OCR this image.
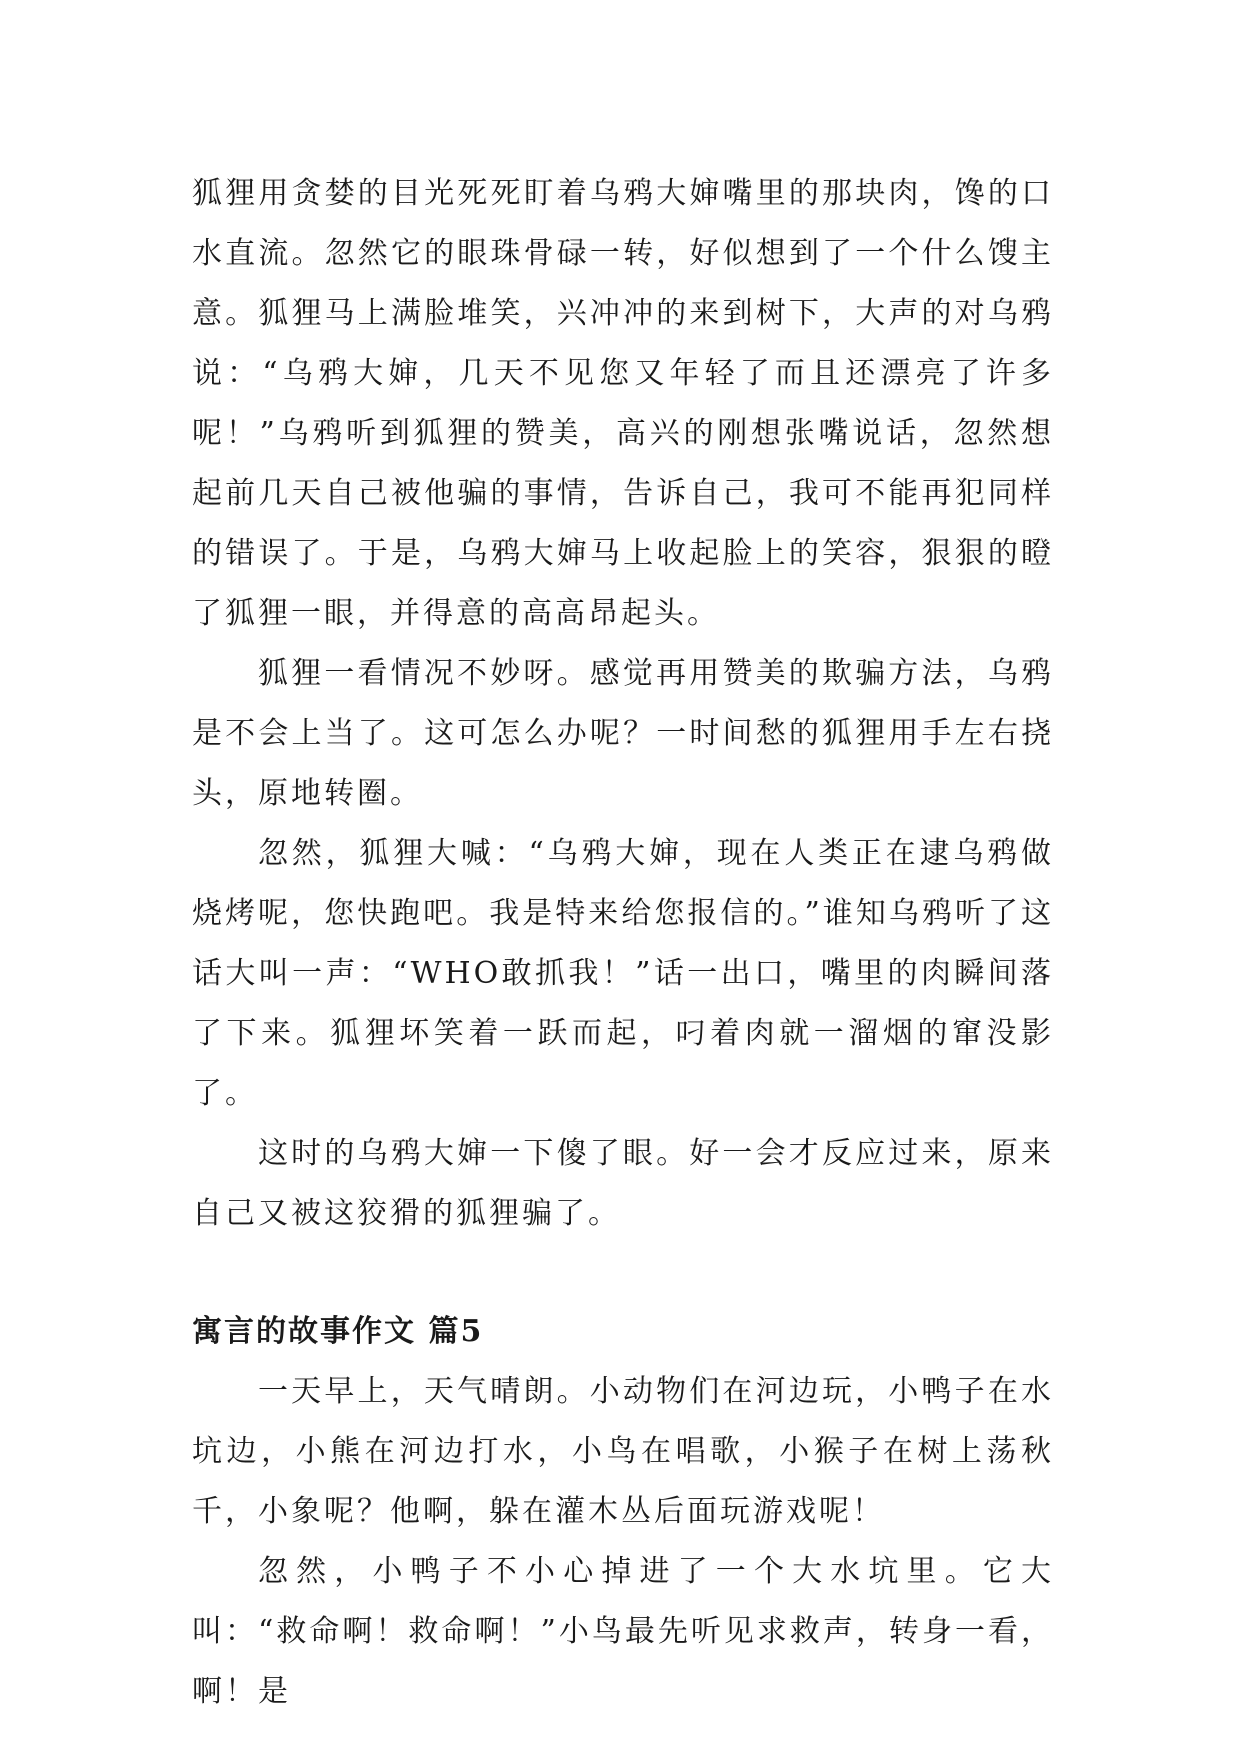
狐狸用贪婪的目光死死盯着乌鸦大婶嘴里的那块肉，馋的口水直流。忽然它的眼珠骨碌一转，好似想到了一个什么馊主意。狐狸马上满脸堆笑，兴冲冲的来到树下，大声的对乌鸦说：“乌鸦大婶，几天不见您又年轻了而且还漂亮了许多呢！”乌鸦听到狐狸的赞美，高兴的刚想张嘴说话，忽然想起前几天自己被他骗的事情，告诉自己，我可不能再犯同样的错误了。于是，乌鸦大婶马上收起脸上的笑容，狠狠的瞪了狐狸一眼，并得意的高高昂起头。

狐狸一看情况不妙呀。感觉再用赞美的欺骗方法，乌鸦是不会上当了。这可怎么办呢？一时间愁的狐狸用手左右挠头，原地转圈。

忽然，狐狸大喊：“乌鸦大婶，现在人类正在逮乌鸦做烧烤呢，您快跑吧。我是特来给您报信的。”谁知乌鸦听了这话大叫一声：“WHO敢抓我！”话一出口，嘴里的肉瞬间落了下来。狐狸坏笑着一跃而起，叼着肉就一溜烟的窜没影了。

这时的乌鸦大婶一下傻了眼。好一会才反应过来，原来自己又被这狡猾的狐狸骗了。

寓言的故事作文 篇5

一天早上，天气晴朗。小动物们在河边玩，小鸭子在水坑边，小熊在河边打水，小鸟在唱歌，小猴子在树上荡秋千，小象呢？他啊，躲在灌木丛后面玩游戏呢！

忽然，小鸭子不小心掉进了一个大水坑里。它大叫：“救命啊！救命啊！”小鸟最先听见求救声，转身一看，啊！是
